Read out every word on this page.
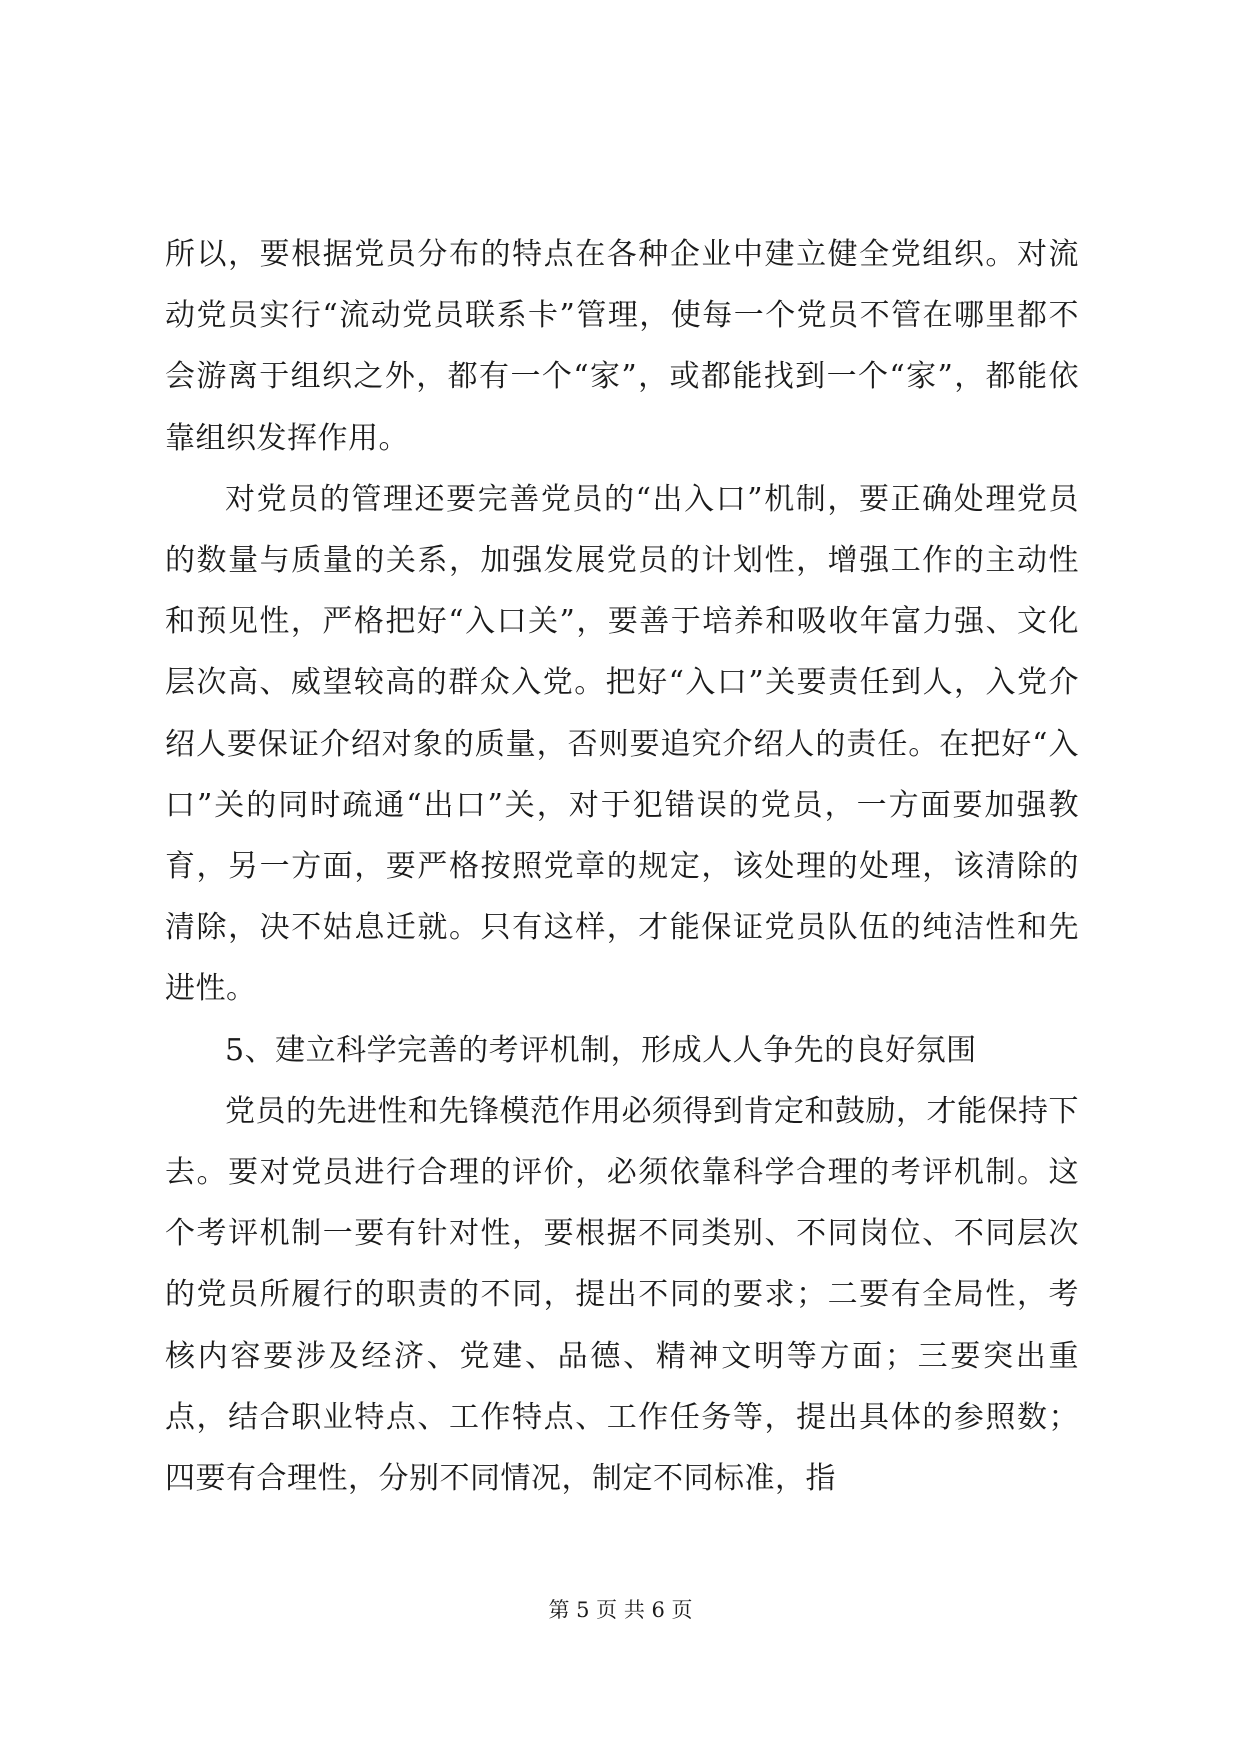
所以，要根据党员分布的特点在各种企业中建立健全党组织。对流动党员实行“流动党员联系卡”管理，使每一个党员不管在哪里都不会游离于组织之外，都有一个“家”，或都能找到一个“家”，都能依靠组织发挥作用。

对党员的管理还要完善党员的“出入口”机制，要正确处理党员的数量与质量的关系，加强发展党员的计划性，增强工作的主动性和预见性，严格把好“入口关”，要善于培养和吸收年富力强、文化层次高、威望较高的群众入党。把好“入口”关要责任到人，入党介绍人要保证介绍对象的质量，否则要追究介绍人的责任。在把好“入口”关的同时疏通“出口”关，对于犯错误的党员，一方面要加强教育，另一方面，要严格按照党章的规定，该处理的处理，该清除的清除，决不姑息迁就。只有这样，才能保证党员队伍的纯洁性和先进性。

5、建立科学完善的考评机制，形成人人争先的良好氛围

党员的先进性和先锋模范作用必须得到肯定和鼓励，才能保持下去。要对党员进行合理的评价，必须依靠科学合理的考评机制。这个考评机制一要有针对性，要根据不同类别、不同岗位、不同层次的党员所履行的职责的不同，提出不同的要求；二要有全局性，考核内容要涉及经济、党建、品德、精神文明等方面；三要突出重点，结合职业特点、工作特点、工作任务等，提出具体的参照数；四要有合理性，分别不同情况，制定不同标准，指

第 5 页 共 6 页
